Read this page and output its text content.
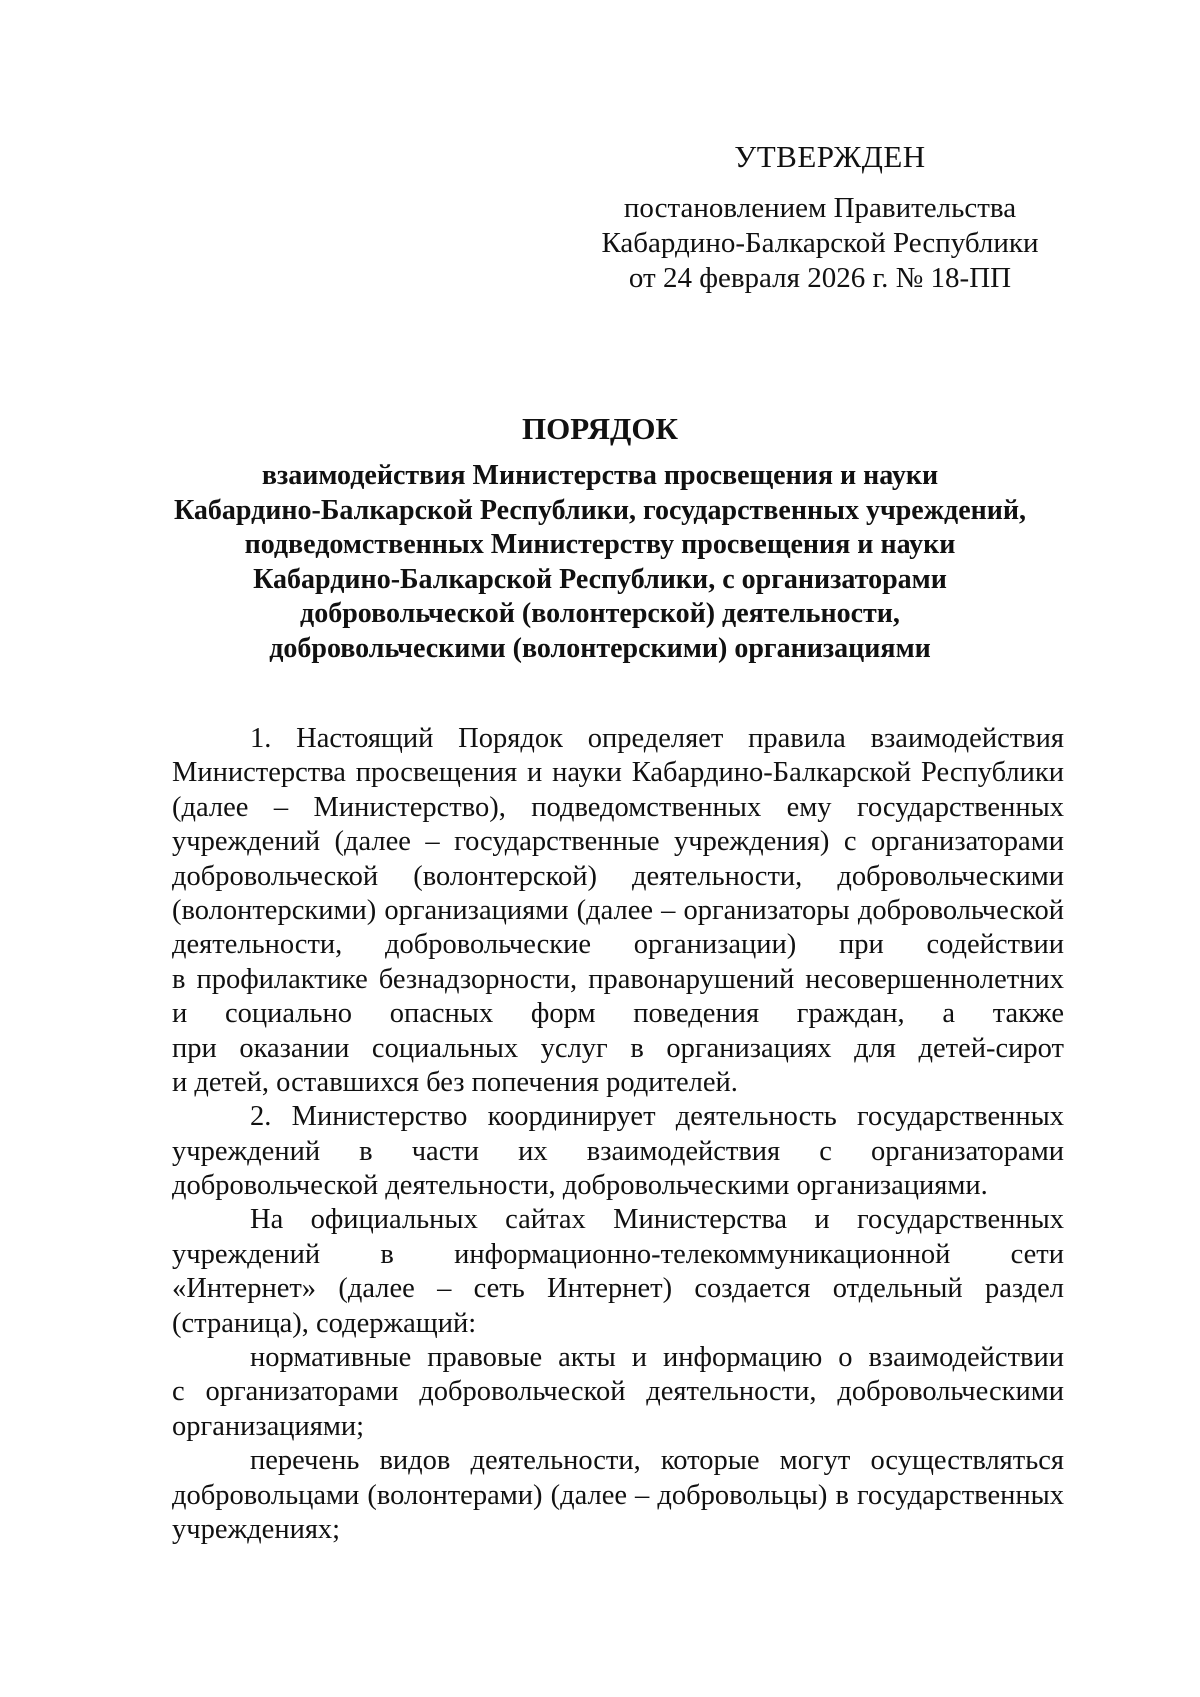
УТВЕРЖДЕН
постановлением Правительства
Кабардино-Балкарской Республики
от 24 февраля 2026 г. № 18-ПП
ПОРЯДОК
взаимодействия Министерства просвещения и науки
Кабардино-Балкарской Республики, государственных учреждений,
подведомственных Министерству просвещения и науки
Кабардино-Балкарской Республики, с организаторами
добровольческой (волонтерской) деятельности,
добровольческими (волонтерскими) организациями
1. Настоящий Порядок определяет правила взаимодействия
Министерства просвещения и науки Кабардино-Балкарской Республики
(далее – Министерство), подведомственных ему государственных
учреждений (далее – государственные учреждения) с организаторами
добровольческой (волонтерской) деятельности, добровольческими
(волонтерскими) организациями (далее – организаторы добровольческой
деятельности, добровольческие организации) при содействии
в профилактике безнадзорности, правонарушений несовершеннолетних
и социально опасных форм поведения граждан, а также
при оказании социальных услуг в организациях для детей-сирот
и детей, оставшихся без попечения родителей.
2. Министерство координирует деятельность государственных
учреждений в части их взаимодействия с организаторами
добровольческой деятельности, добровольческими организациями.
На официальных сайтах Министерства и государственных
учреждений в информационно-телекоммуникационной сети
«Интернет» (далее – сеть Интернет) создается отдельный раздел
(страница), содержащий:
нормативные правовые акты и информацию о взаимодействии
с организаторами добровольческой деятельности, добровольческими
организациями;
перечень видов деятельности, которые могут осуществляться
добровольцами (волонтерами) (далее – добровольцы) в государственных
учреждениях;
